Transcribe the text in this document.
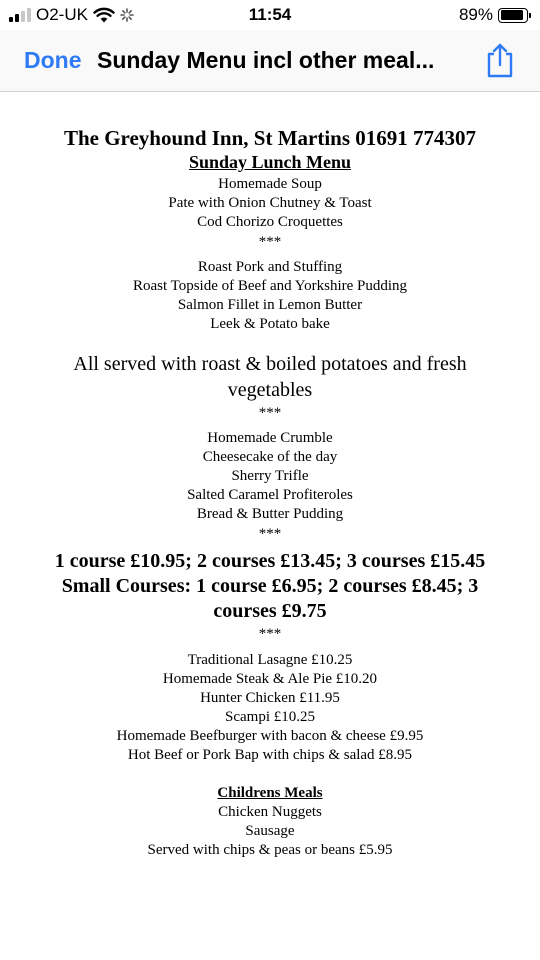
O2-UK	11:54	89%
Done Sunday Menu incl other meal...
The Greyhound Inn, St Martins 01691 774307
Sunday Lunch Menu
Homemade Soup
Pate with Onion Chutney & Toast
Cod Chorizo Croquettes
***
Roast Pork and Stuffing
Roast Topside of Beef and Yorkshire Pudding
Salmon Fillet in Lemon Butter
Leek & Potato bake
All served with roast & boiled potatoes and fresh
vegetables
***
Homemade Crumble
Cheesecake of the day
Sherry Trifle
Salted Caramel Profiteroles
Bread & Butter Pudding
***
1 course £10.95; 2 courses £13.45; 3 courses £15.45
Small Courses: 1 course £6.95; 2 courses £8.45; 3
courses £9.75
***
Traditional Lasagne £10.25
Homemade Steak & Ale Pie £10.20
Hunter Chicken £11.95
Scampi £10.25
Homemade Beefburger with bacon & cheese £9.95
Hot Beef or Pork Bap with chips & salad £8.95
Childrens Meals
Chicken Nuggets
Sausage
Served with chips & peas or beans £5.95
